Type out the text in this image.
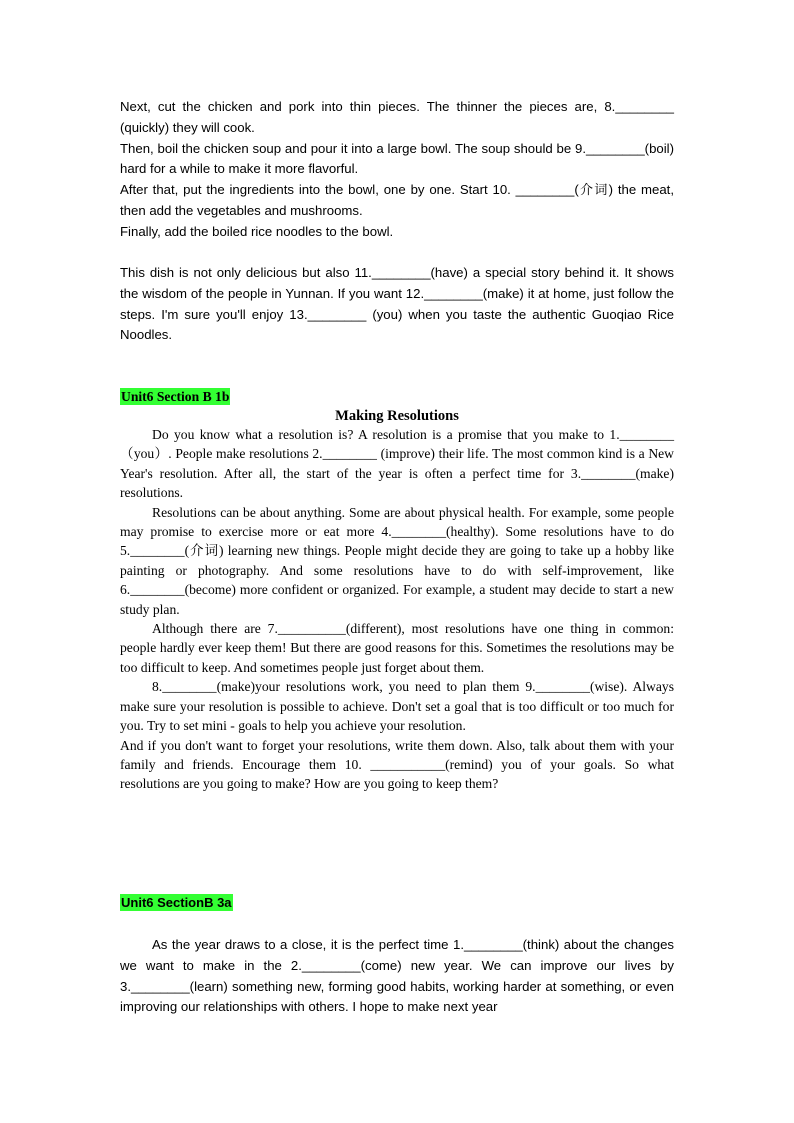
Next, cut the chicken and pork into thin pieces. The thinner the pieces are, 8.________ (quickly) they will cook.

Then, boil the chicken soup and pour it into a large bowl. The soup should be 9.________(boil) hard for a while to make it more flavorful.

After that, put the ingredients into the bowl, one by one. Start 10. ________(介词) the meat, then add the vegetables and mushrooms.

Finally, add the boiled rice noodles to the bowl.

This dish is not only delicious but also 11.________(have) a special story behind it. It shows the wisdom of the people in Yunnan. If you want 12.________(make) it at home, just follow the steps. I'm sure you'll enjoy 13.________ (you) when you taste the authentic Guoqiao Rice Noodles.

Unit6 Section B 1b
Making Resolutions

Do you know what a resolution is? A resolution is a promise that you make to 1.________（you）. People make resolutions 2.________ (improve) their life. The most common kind is a New Year's resolution. After all, the start of the year is often a perfect time for 3.________(make) resolutions.

Resolutions can be about anything. Some are about physical health. For example, some people may promise to exercise more or eat more 4.________(healthy). Some resolutions have to do 5.________(介词) learning new things. People might decide they are going to take up a hobby like painting or photography. And some resolutions have to do with self-improvement, like 6.________(become) more confident or organized. For example, a student may decide to start a new study plan.

Although there are 7.__________(different), most resolutions have one thing in common: people hardly ever keep them! But there are good reasons for this. Sometimes the resolutions may be too difficult to keep. And sometimes people just forget about them.

8.________(make)your resolutions work, you need to plan them 9.________(wise). Always make sure your resolution is possible to achieve. Don't set a goal that is too difficult or too much for you. Try to set mini - goals to help you achieve your resolution.

And if you don't want to forget your resolutions, write them down. Also, talk about them with your family and friends. Encourage them 10. ___________(remind) you of your goals. So what resolutions are you going to make? How are you going to keep them?

Unit6 SectionB 3a

As the year draws to a close, it is the perfect time 1.________(think) about the changes we want to make in the 2.________(come) new year. We can improve our lives by 3.________(learn) something new, forming good habits, working harder at something, or even improving our relationships with others. I hope to make next year
